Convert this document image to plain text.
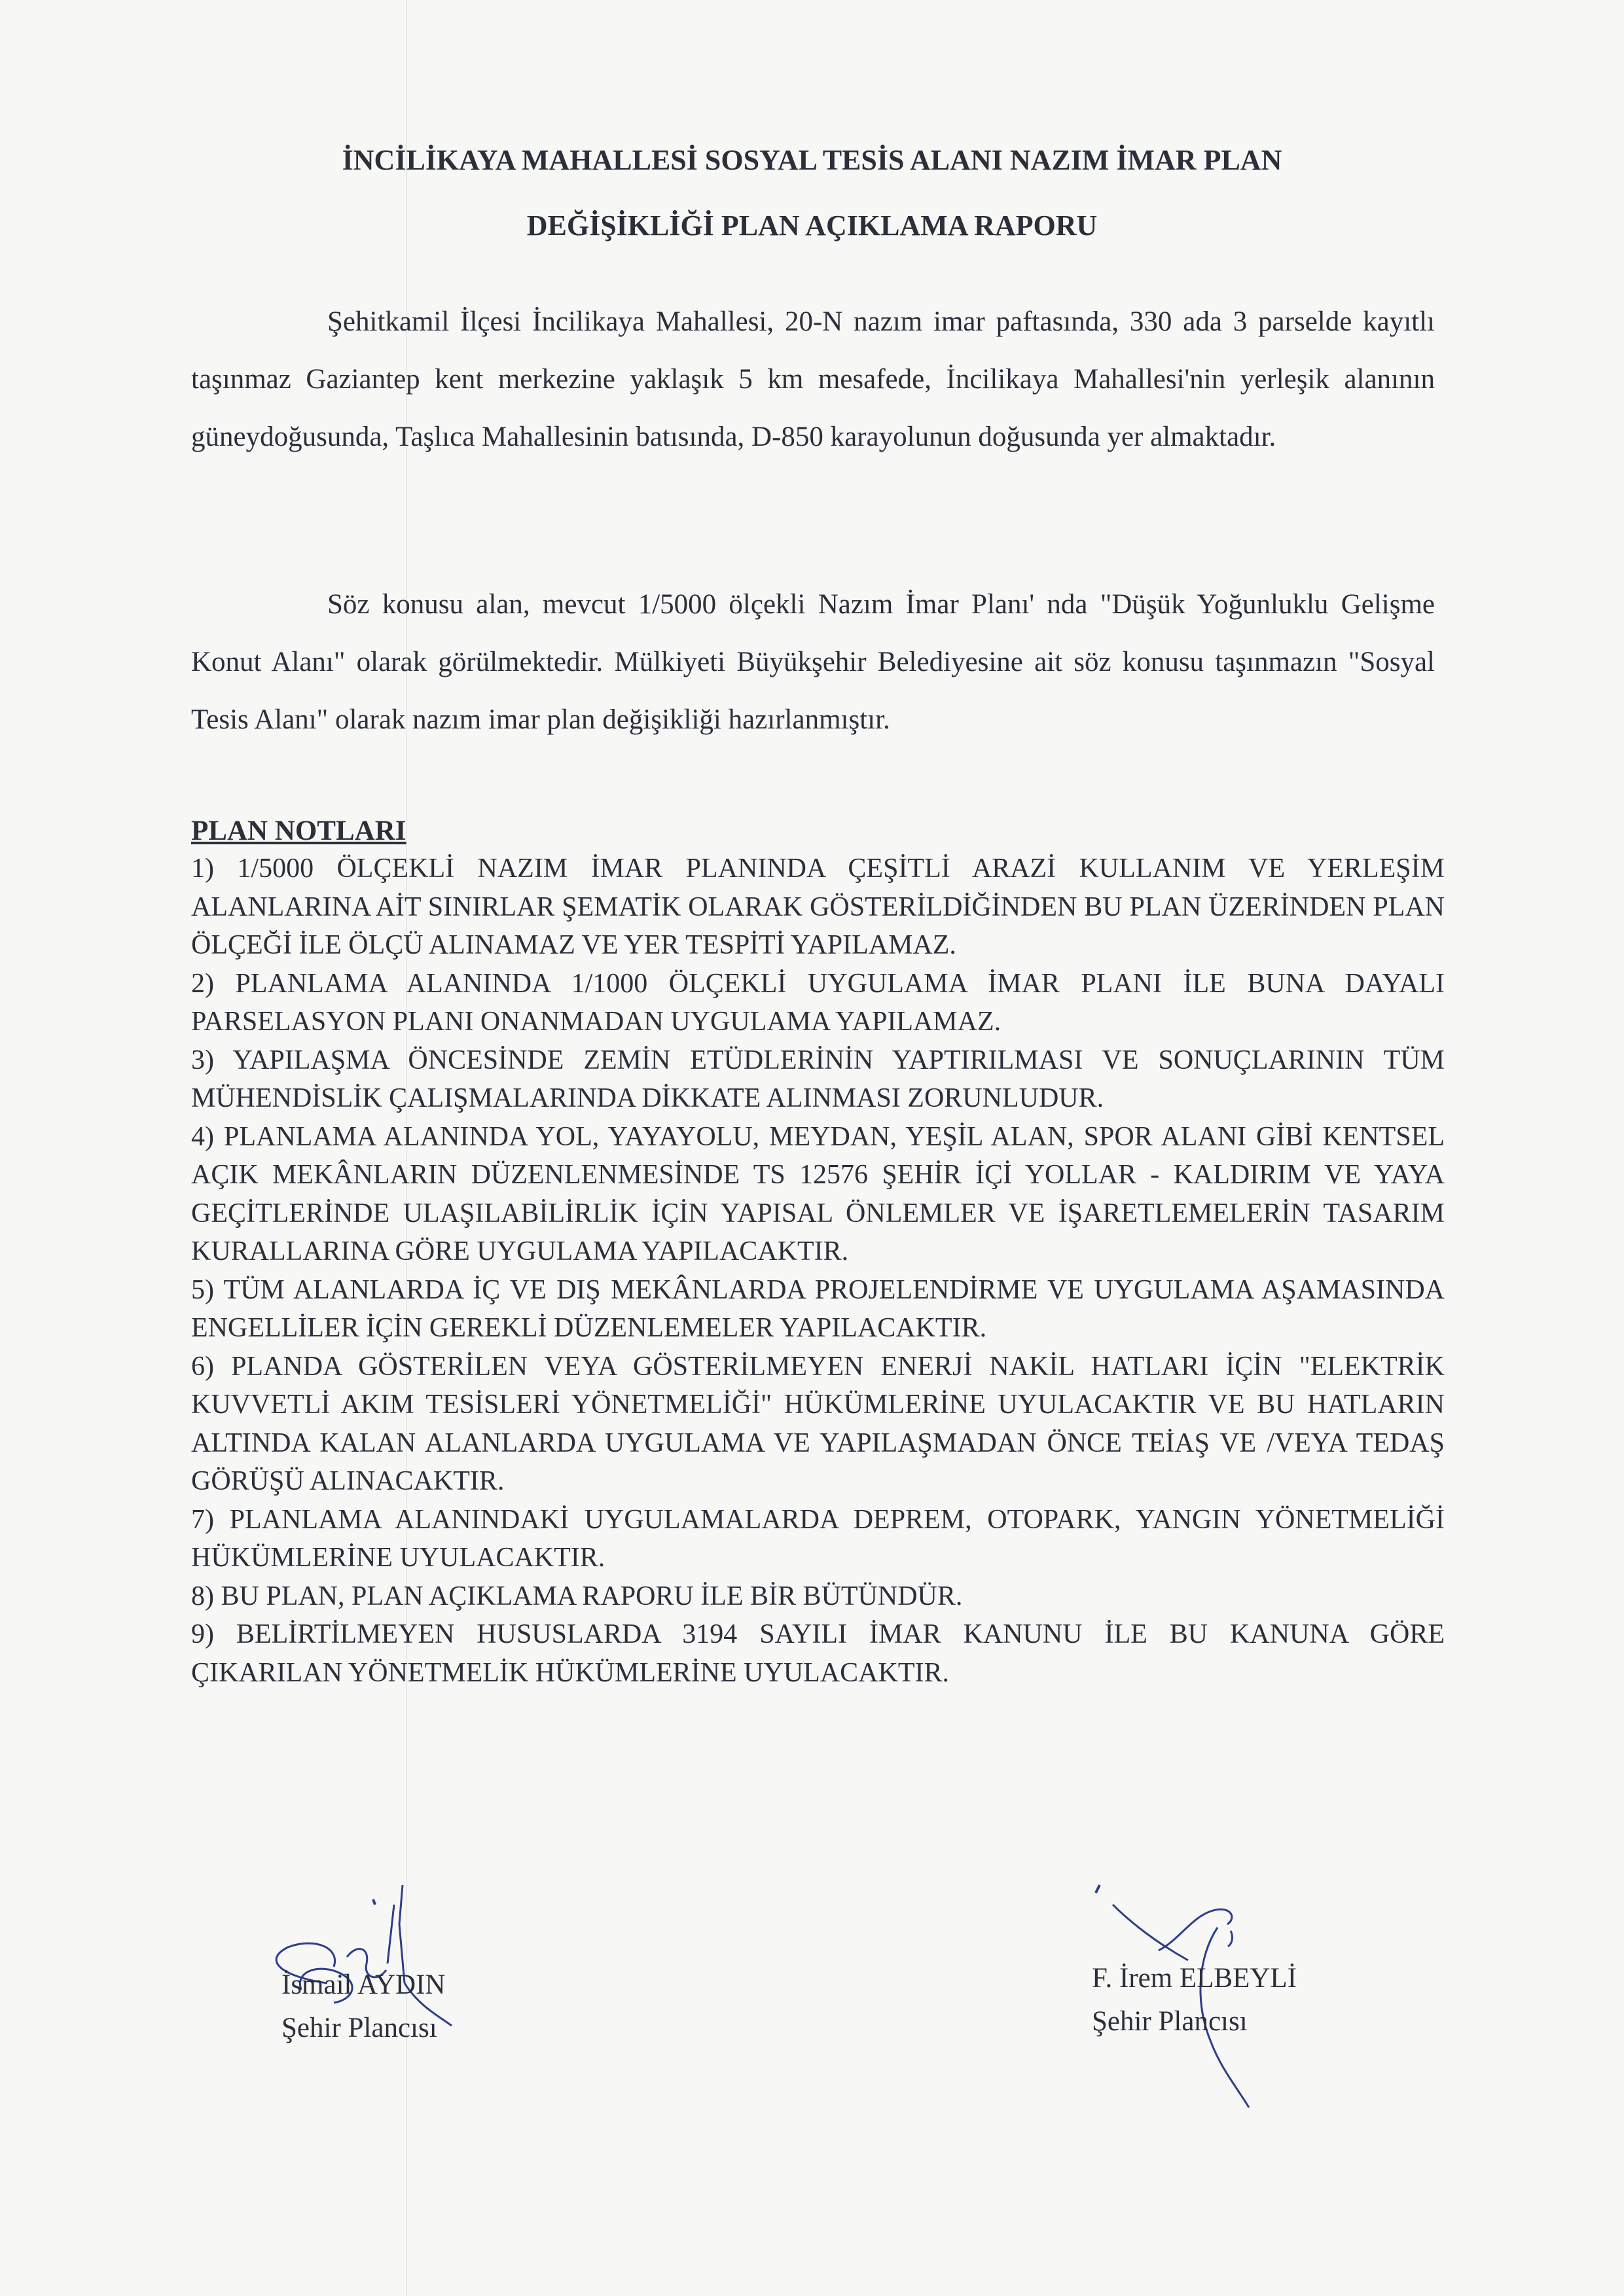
İNCİLİKAYA MAHALLESİ SOSYAL TESİS ALANI NAZIM İMAR PLAN
DEĞİŞİKLİĞİ PLAN AÇIKLAMA RAPORU

Şehitkamil İlçesi İncilikaya Mahallesi, 20-N nazım imar paftasında, 330 ada 3 parselde kayıtlı taşınmaz Gaziantep kent merkezine yaklaşık 5 km mesafede, İncilikaya Mahallesi'nin yerleşik alanının güneydoğusunda, Taşlıca Mahallesinin batısında, D-850 karayolunun doğusunda yer almaktadır.

Söz konusu alan, mevcut 1/5000 ölçekli Nazım İmar Planı' nda "Düşük Yoğunluklu Gelişme Konut Alanı" olarak görülmektedir. Mülkiyeti Büyükşehir Belediyesine ait söz konusu taşınmazın "Sosyal Tesis Alanı" olarak nazım imar plan değişikliği hazırlanmıştır.

PLAN NOTLARI

1) 1/5000 ÖLÇEKLİ NAZIM İMAR PLANINDA ÇEŞİTLİ ARAZİ KULLANIM VE YERLEŞİM ALANLARINA AİT SINIRLAR ŞEMATİK OLARAK GÖSTERİLDİĞİNDEN BU PLAN ÜZERİNDEN PLAN ÖLÇEĞİ İLE ÖLÇÜ ALINAMAZ VE YER TESPİTİ YAPILAMAZ.

2) PLANLAMA ALANINDA 1/1000 ÖLÇEKLİ UYGULAMA İMAR PLANI İLE BUNA DAYALI PARSELASYON PLANI ONANMADAN UYGULAMA YAPILAMAZ.

3) YAPILAŞMA ÖNCESİNDE ZEMİN ETÜDLERİNİN YAPTIRILMASI VE SONUÇLARININ TÜM MÜHENDİSLİK ÇALIŞMALARINDA DİKKATE ALINMASI ZORUNLUDUR.

4) PLANLAMA ALANINDA YOL, YAYAYOLU, MEYDAN, YEŞİL ALAN, SPOR ALANI GİBİ KENTSEL AÇIK MEKÂNLARIN DÜZENLENMESİNDE TS 12576 ŞEHİR İÇİ YOLLAR - KALDIRIM VE YAYA GEÇİTLERİNDE ULAŞILABİLİRLİK İÇİN YAPISAL ÖNLEMLER VE İŞARETLEMELERİN TASARIM KURALLARINA GÖRE UYGULAMA YAPILACAKTIR.

5) TÜM ALANLARDA İÇ VE DIŞ MEKÂNLARDA PROJELENDİRME VE UYGULAMA AŞAMASINDA ENGELLİLER İÇİN GEREKLİ DÜZENLEMELER YAPILACAKTIR.

6) PLANDA GÖSTERİLEN VEYA GÖSTERİLMEYEN ENERJİ NAKİL HATLARI İÇİN "ELEKTRİK KUVVETLİ AKIM TESİSLERİ YÖNETMELİĞİ" HÜKÜMLERİNE UYULACAKTIR VE BU HATLARIN ALTINDA KALAN ALANLARDA UYGULAMA VE YAPILAŞMADAN ÖNCE TEİAŞ VE /VEYA TEDAŞ GÖRÜŞÜ ALINACAKTIR.

7) PLANLAMA ALANINDAKİ UYGULAMALARDA DEPREM, OTOPARK, YANGIN YÖNETMELİĞİ HÜKÜMLERİNE UYULACAKTIR.

8) BU PLAN, PLAN AÇIKLAMA RAPORU İLE BİR BÜTÜNDÜR.

9) BELİRTİLMEYEN HUSUSLARDA 3194 SAYILI İMAR KANUNU İLE BU KANUNA GÖRE ÇIKARILAN YÖNETMELİK HÜKÜMLERİNE UYULACAKTIR.

İsmail AYDIN
Şehir Plancısı
F. İrem ELBEYLİ
Şehir Plancısı
